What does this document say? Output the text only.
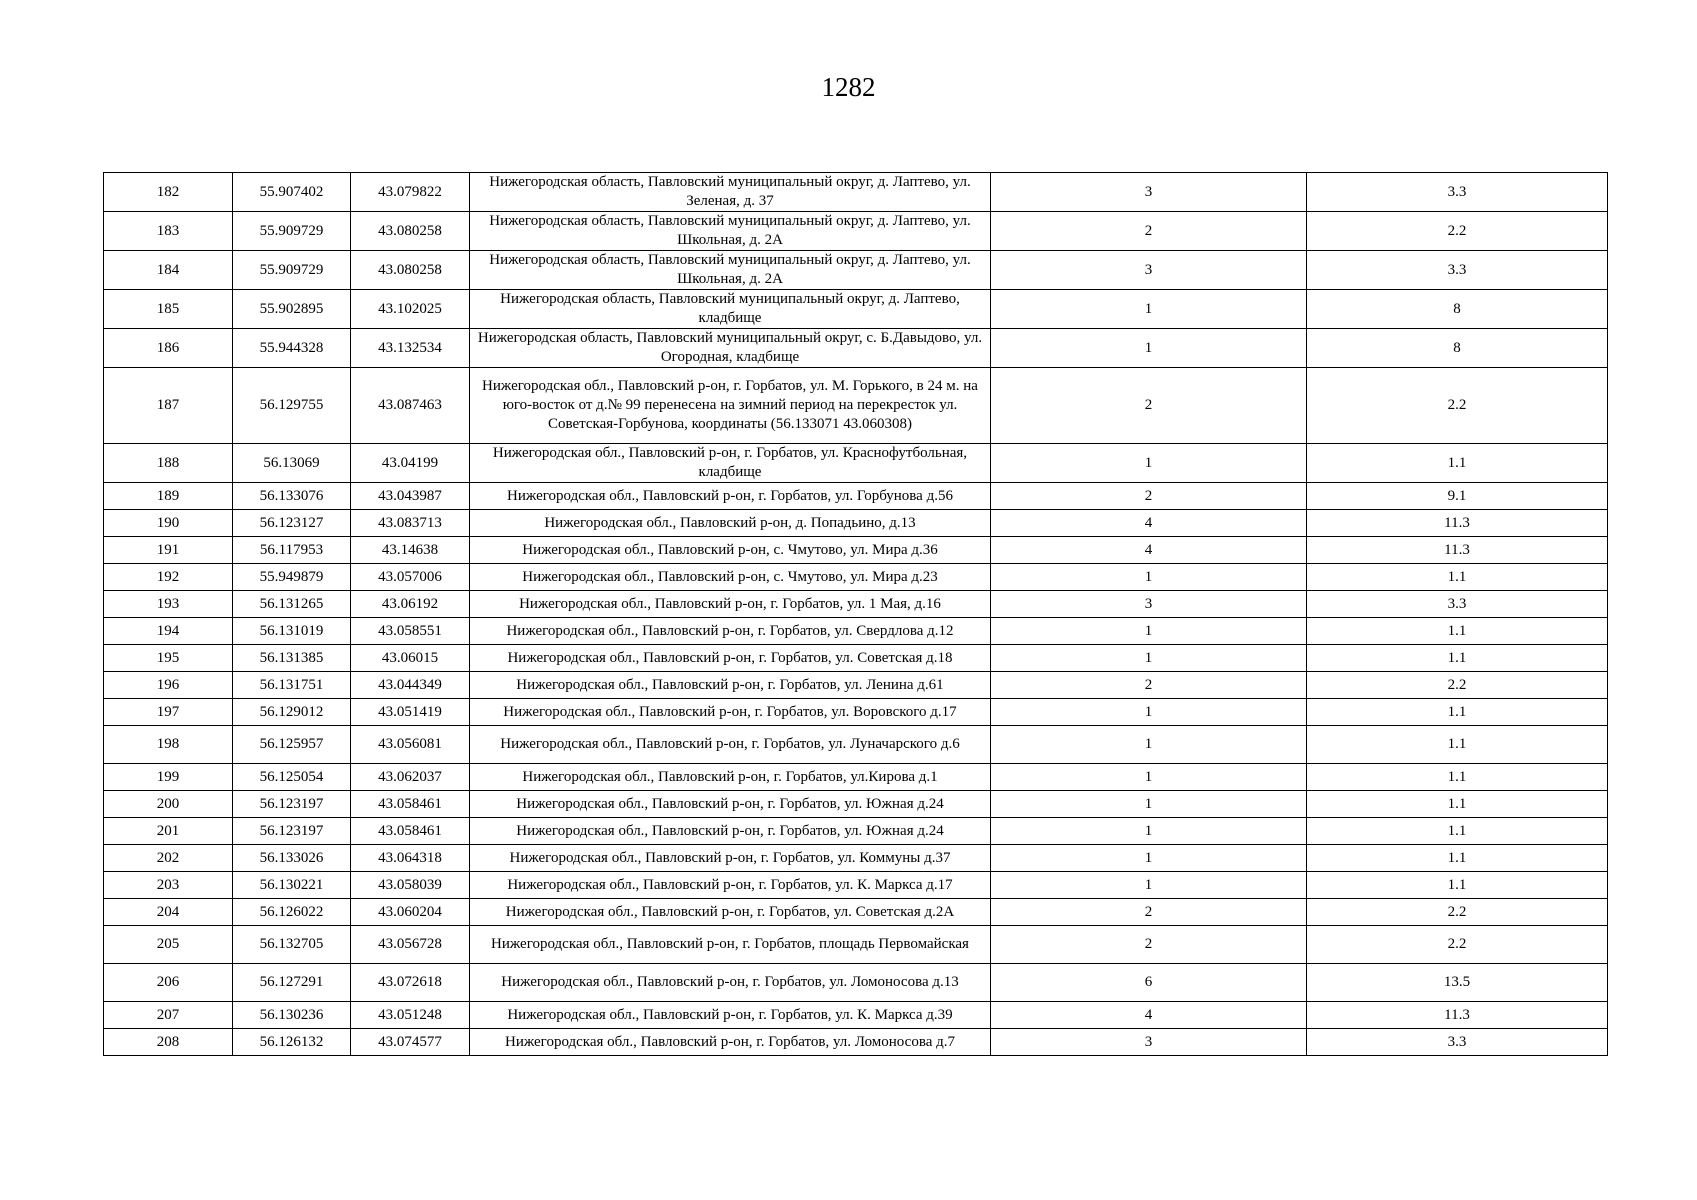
1282
182	55.907402	43.079822	Нижегородская область, Павловский муниципальный округ, д. Лаптево, ул. Зеленая, д. 37	3	3.3
183	55.909729	43.080258	Нижегородская область, Павловский муниципальный округ, д. Лаптево, ул. Школьная, д. 2А	2	2.2
184	55.909729	43.080258	Нижегородская область, Павловский муниципальный округ, д. Лаптево, ул. Школьная, д. 2А	3	3.3
185	55.902895	43.102025	Нижегородская область, Павловский муниципальный округ, д. Лаптево, кладбище	1	8
186	55.944328	43.132534	Нижегородская область, Павловский муниципальный округ, с. Б.Давыдово, ул. Огородная, кладбище	1	8
187	56.129755	43.087463	Нижегородская обл., Павловский р-он, г. Горбатов, ул. М. Горького, в 24 м. на юго-восток от д.№ 99 перенесена на зимний период на перекресток ул. Советская-Горбунова, координаты (56.133071 43.060308)	2	2.2
188	56.13069	43.04199	Нижегородская обл., Павловский р-он, г. Горбатов, ул. Краснофутбольная, кладбище	1	1.1
189	56.133076	43.043987	Нижегородская обл., Павловский р-он, г. Горбатов, ул. Горбунова д.56	2	9.1
190	56.123127	43.083713	Нижегородская обл., Павловский р-он, д. Попадьино, д.13	4	11.3
191	56.117953	43.14638	Нижегородская обл., Павловский р-он, с. Чмутово, ул. Мира д.36	4	11.3
192	55.949879	43.057006	Нижегородская обл., Павловский р-он, с. Чмутово, ул. Мира д.23	1	1.1
193	56.131265	43.06192	Нижегородская обл., Павловский р-он, г. Горбатов, ул. 1 Мая, д.16	3	3.3
194	56.131019	43.058551	Нижегородская обл., Павловский р-он, г. Горбатов, ул. Свердлова д.12	1	1.1
195	56.131385	43.06015	Нижегородская обл., Павловский р-он, г. Горбатов, ул. Советская д.18	1	1.1
196	56.131751	43.044349	Нижегородская обл., Павловский р-он, г. Горбатов, ул. Ленина д.61	2	2.2
197	56.129012	43.051419	Нижегородская обл., Павловский р-он, г. Горбатов, ул. Воровского д.17	1	1.1
198	56.125957	43.056081	Нижегородская обл., Павловский р-он, г. Горбатов, ул. Луначарского д.6	1	1.1
199	56.125054	43.062037	Нижегородская обл., Павловский р-он, г. Горбатов, ул.Кирова д.1	1	1.1
200	56.123197	43.058461	Нижегородская обл., Павловский р-он, г. Горбатов, ул. Южная д.24	1	1.1
201	56.123197	43.058461	Нижегородская обл., Павловский р-он, г. Горбатов, ул. Южная д.24	1	1.1
202	56.133026	43.064318	Нижегородская обл., Павловский р-он, г. Горбатов, ул. Коммуны д.37	1	1.1
203	56.130221	43.058039	Нижегородская обл., Павловский р-он, г. Горбатов, ул. К. Маркса д.17	1	1.1
204	56.126022	43.060204	Нижегородская обл., Павловский р-он, г. Горбатов, ул. Советская д.2А	2	2.2
205	56.132705	43.056728	Нижегородская обл., Павловский р-он, г. Горбатов, площадь Первомайская	2	2.2
206	56.127291	43.072618	Нижегородская обл., Павловский р-он, г. Горбатов, ул. Ломоносова д.13	6	13.5
207	56.130236	43.051248	Нижегородская обл., Павловский р-он, г. Горбатов, ул. К. Маркса д.39	4	11.3
208	56.126132	43.074577	Нижегородская обл., Павловский р-он, г. Горбатов, ул. Ломоносова д.7	3	3.3
